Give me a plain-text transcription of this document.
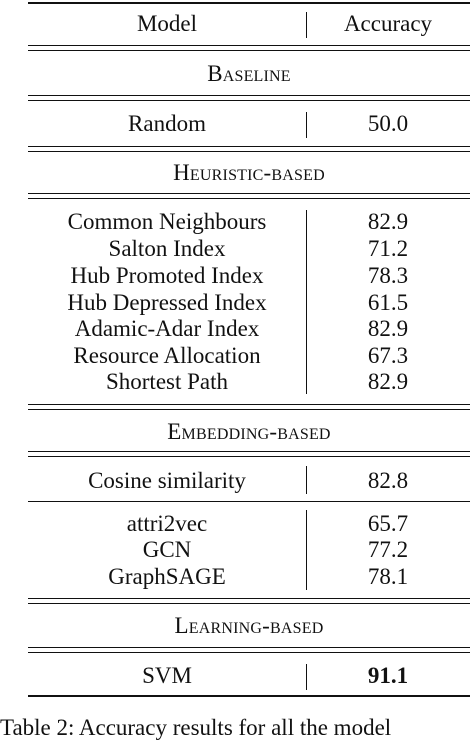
Model	Accuracy
Baseline
Random	50.0
Heuristic-based
Common Neighbours	82.9
Salton Index	71.2
Hub Promoted Index	78.3
Hub Depressed Index	61.5
Adamic-Adar Index	82.9
Resource Allocation	67.3
Shortest Path	82.9
Embedding-based
Cosine similarity	82.8
attri2vec	65.7
GCN	77.2
GraphSAGE	78.1
Learning-based
SVM	91.1
Table 2: Accuracy results for all the model
